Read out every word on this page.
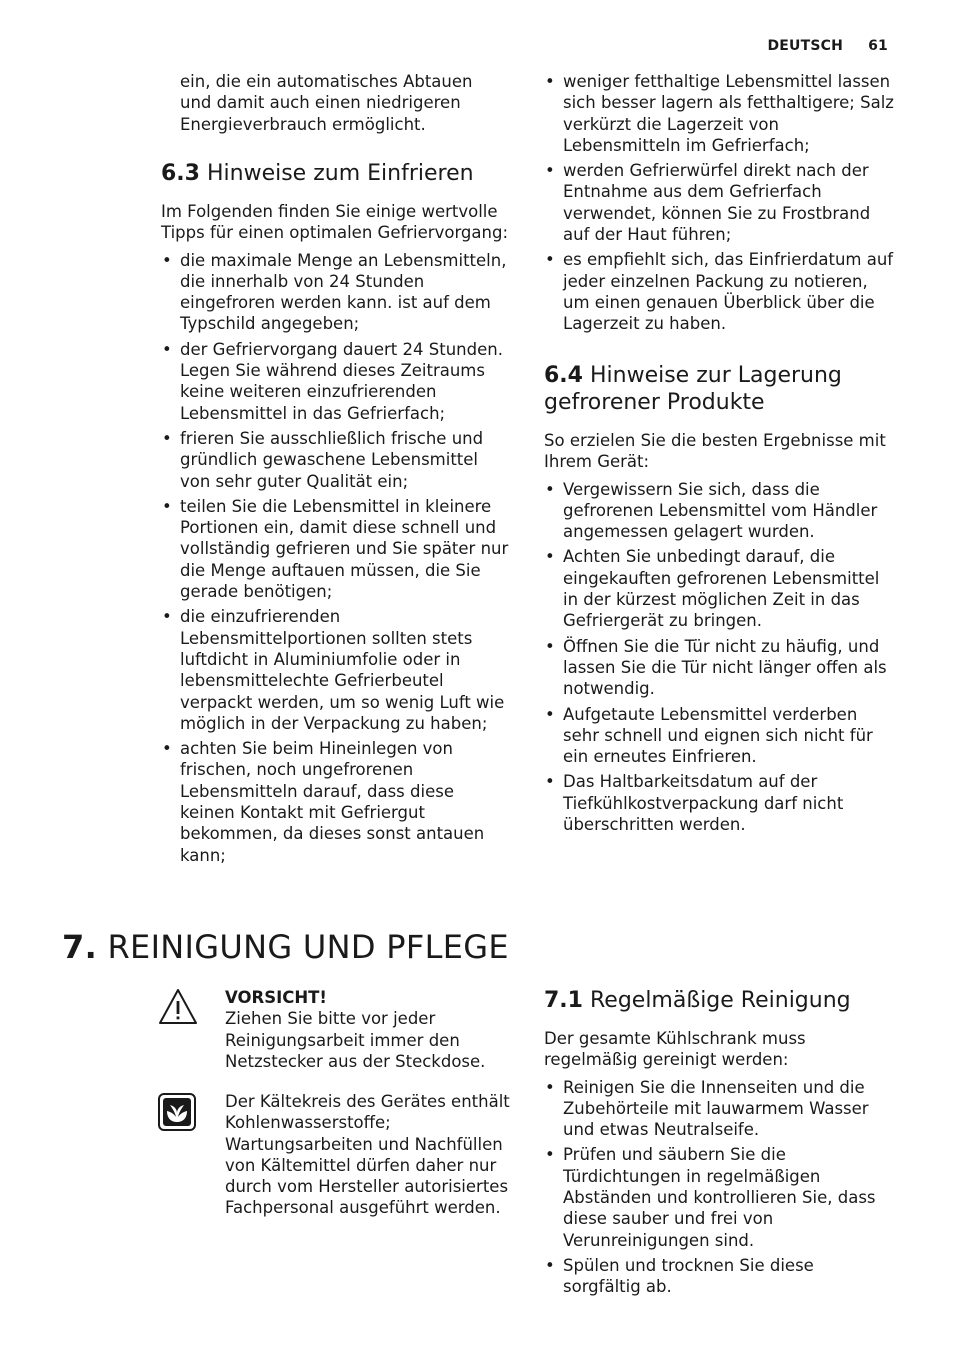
DEUTSCH 61

ein, die ein automatisches Abtauen und damit auch einen niedrigeren Energieverbrauch ermöglicht.

6.3 Hinweise zum Einfrieren

Im Folgenden finden Sie einige wertvolle Tipps für einen optimalen Gefriervorgang:

• die maximale Menge an Lebensmitteln, die innerhalb von 24 Stunden eingefroren werden kann. ist auf dem Typschild angegeben;
• der Gefriervorgang dauert 24 Stunden. Legen Sie während dieses Zeitraums keine weiteren einzufrierenden Lebensmittel in das Gefrierfach;
• frieren Sie ausschließlich frische und gründlich gewaschene Lebensmittel von sehr guter Qualität ein;
• teilen Sie die Lebensmittel in kleinere Portionen ein, damit diese schnell und vollständig gefrieren und Sie später nur die Menge auftauen müssen, die Sie gerade benötigen;
• die einzufrierenden Lebensmittelportionen sollten stets luftdicht in Aluminiumfolie oder in lebensmittelechte Gefrierbeutel verpackt werden, um so wenig Luft wie möglich in der Verpackung zu haben;
• achten Sie beim Hineinlegen von frischen, noch ungefrorenen Lebensmitteln darauf, dass diese keinen Kontakt mit Gefriergut bekommen, da dieses sonst antauen kann;
• weniger fetthaltige Lebensmittel lassen sich besser lagern als fetthaltigere; Salz verkürzt die Lagerzeit von Lebensmitteln im Gefrierfach;
• werden Gefrierwürfel direkt nach der Entnahme aus dem Gefrierfach verwendet, können Sie zu Frostbrand auf der Haut führen;
• es empfiehlt sich, das Einfrierdatum auf jeder einzelnen Packung zu notieren, um einen genauen Überblick über die Lagerzeit zu haben.
6.4 Hinweise zur Lagerung gefrorener Produkte

So erzielen Sie die besten Ergebnisse mit Ihrem Gerät:

• Vergewissern Sie sich, dass die gefrorenen Lebensmittel vom Händler angemessen gelagert wurden.
• Achten Sie unbedingt darauf, die eingekauften gefrorenen Lebensmittel in der kürzest möglichen Zeit in das Gefriergerät zu bringen.
• Öffnen Sie die Tür nicht zu häufig, und lassen Sie die Tür nicht länger offen als notwendig.
• Aufgetaute Lebensmittel verderben sehr schnell und eignen sich nicht für ein erneutes Einfrieren.
• Das Haltbarkeitsdatum auf der Tiefkühlkostverpackung darf nicht überschritten werden.
7. REINIGUNG UND PFLEGE

VORSICHT!

Ziehen Sie bitte vor jeder Reinigungsarbeit immer den Netzstecker aus der Steckdose.

Der Kältekreis des Gerätes enthält Kohlenwasserstoffe; Wartungsarbeiten und Nachfüllen von Kältemittel dürfen daher nur durch vom Hersteller autorisiertes Fachpersonal ausgeführt werden.

7.1 Regelmäßige Reinigung

Der gesamte Kühlschrank muss regelmäßig gereinigt werden:

• Reinigen Sie die Innenseiten und die Zubehörteile mit lauwarmem Wasser und etwas Neutralseife.
• Prüfen und säubern Sie die Türdichtungen in regelmäßigen Abständen und kontrollieren Sie, dass diese sauber und frei von Verunreinigungen sind.
• Spülen und trocknen Sie diese sorgfältig ab.
